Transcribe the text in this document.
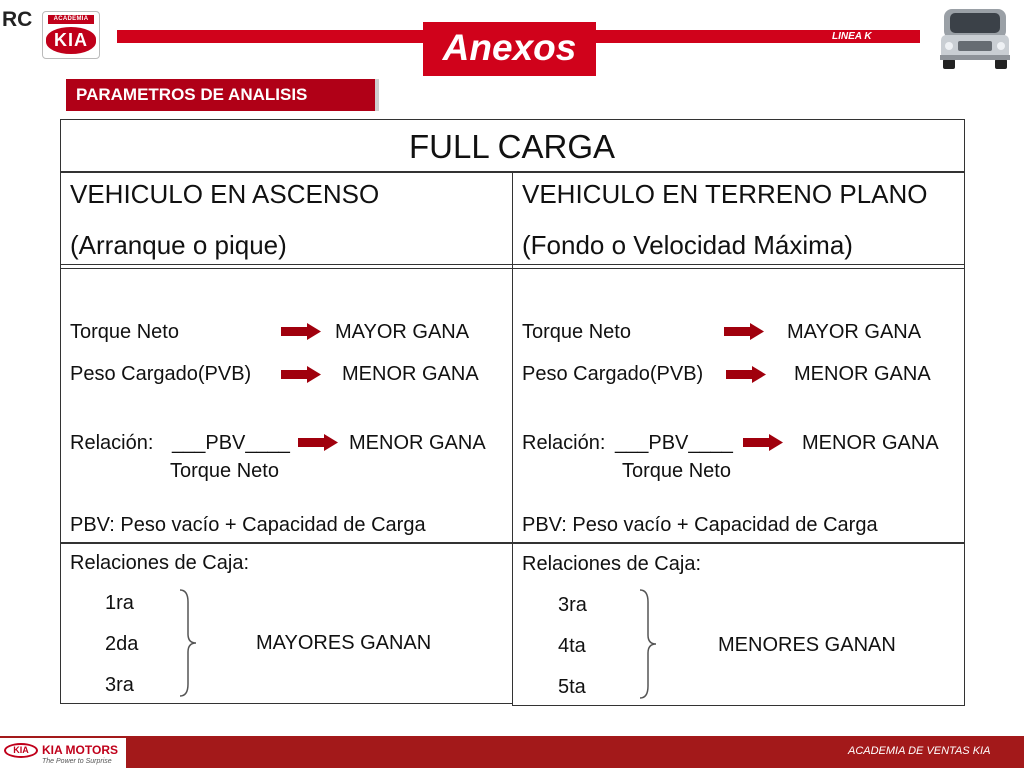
RC	ACADEMIA
KIA	Anexos	LINEA K
PARAMETROS DE ANALISIS
FULL CARGA
VEHICULO EN ASCENSO
(Arranque o pique)
Torque Neto	MAYOR GANA
Peso Cargado(PVB)	MENOR GANA
Relación: ___PBV____	MENOR GANA
Torque Neto
PBV: Peso vacío + Capacidad de Carga
Relaciones de Caja:
1ra
2da
3ra
MAYORES GANAN
VEHICULO EN TERRENO PLANO
(Fondo o Velocidad Máxima)
Torque Neto	MAYOR GANA
Peso Cargado(PVB)	MENOR GANA
Relación: ___PBV____	MENOR GANA
Torque Neto
PBV: Peso vacío + Capacidad de Carga
Relaciones de Caja:
3ra
4ta
5ta
MENORES GANAN
KIA	KIA MOTORS
The Power to Surprise
ACADEMIA DE VENTAS KIA
